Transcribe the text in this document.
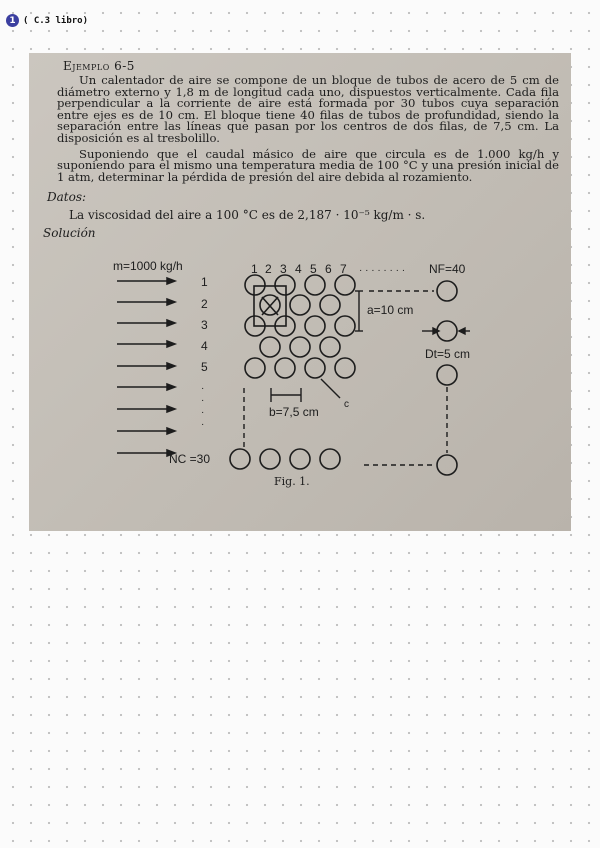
1 ( C.3 libro)
Ejemplo 6-5

Un calentador de aire se compone de un bloque de tubos de acero de 5 cm de diámetro externo y 1,8 m de longitud cada uno, dispuestos verticalmente. Cada fila perpendicular a la corriente de aire está formada por 30 tubos cuya separación entre ejes es de 10 cm. El bloque tiene 40 filas de tubos de profundidad, siendo la separación entre las líneas que pasan por los centros de dos filas, de 7,5 cm. La disposición es al tresbolillo.

Suponiendo que el caudal másico de aire que circula es de 1.000 kg/h y suponiendo para el mismo una temperatura media de 100 °C y una presión inicial de 1 atm, determinar la pérdida de presión del aire debida al rozamiento.

Datos:
La viscosidad del aire a 100 °C es de 2,187 · 10⁻⁵ kg/m · s.
Solución
m=1000 kg/h
1
2
3
4
5
1 2 3 4 5 6 7 · · · · · · · · NF=40
a=10 cm
Dt=5 cm
b=7,5 cm
c
·
·
·
·
NC =30
Fig. 1.
